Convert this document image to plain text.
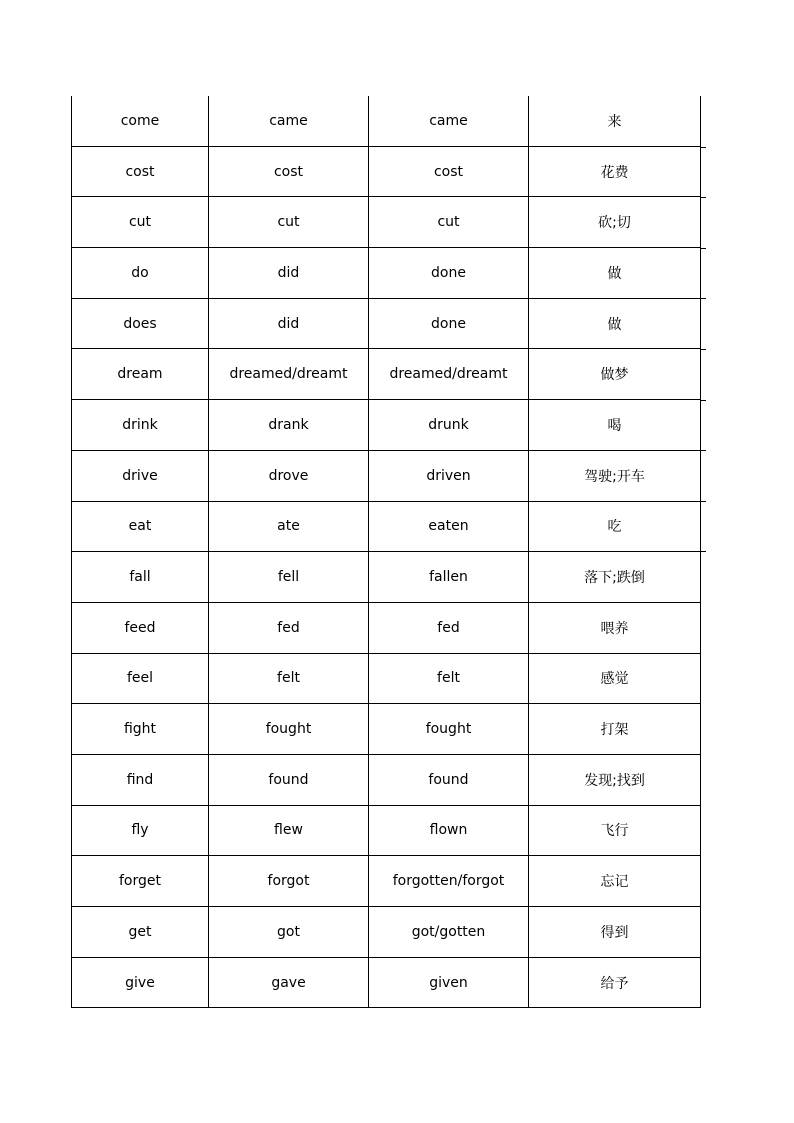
come	came	came	来
cost	cost	cost	花费
cut	cut	cut	砍;切
do	did	done	做
does	did	done	做
dream	dreamed/dreamt	dreamed/dreamt	做梦
drink	drank	drunk	喝
drive	drove	driven	驾驶;开车
eat	ate	eaten	吃
fall	fell	fallen	落下;跌倒
feed	fed	fed	喂养
feel	felt	felt	感觉
fight	fought	fought	打架
find	found	found	发现;找到
fly	flew	flown	飞行
forget	forgot	forgotten/forgot	忘记
get	got	got/gotten	得到
give	gave	given	给予
